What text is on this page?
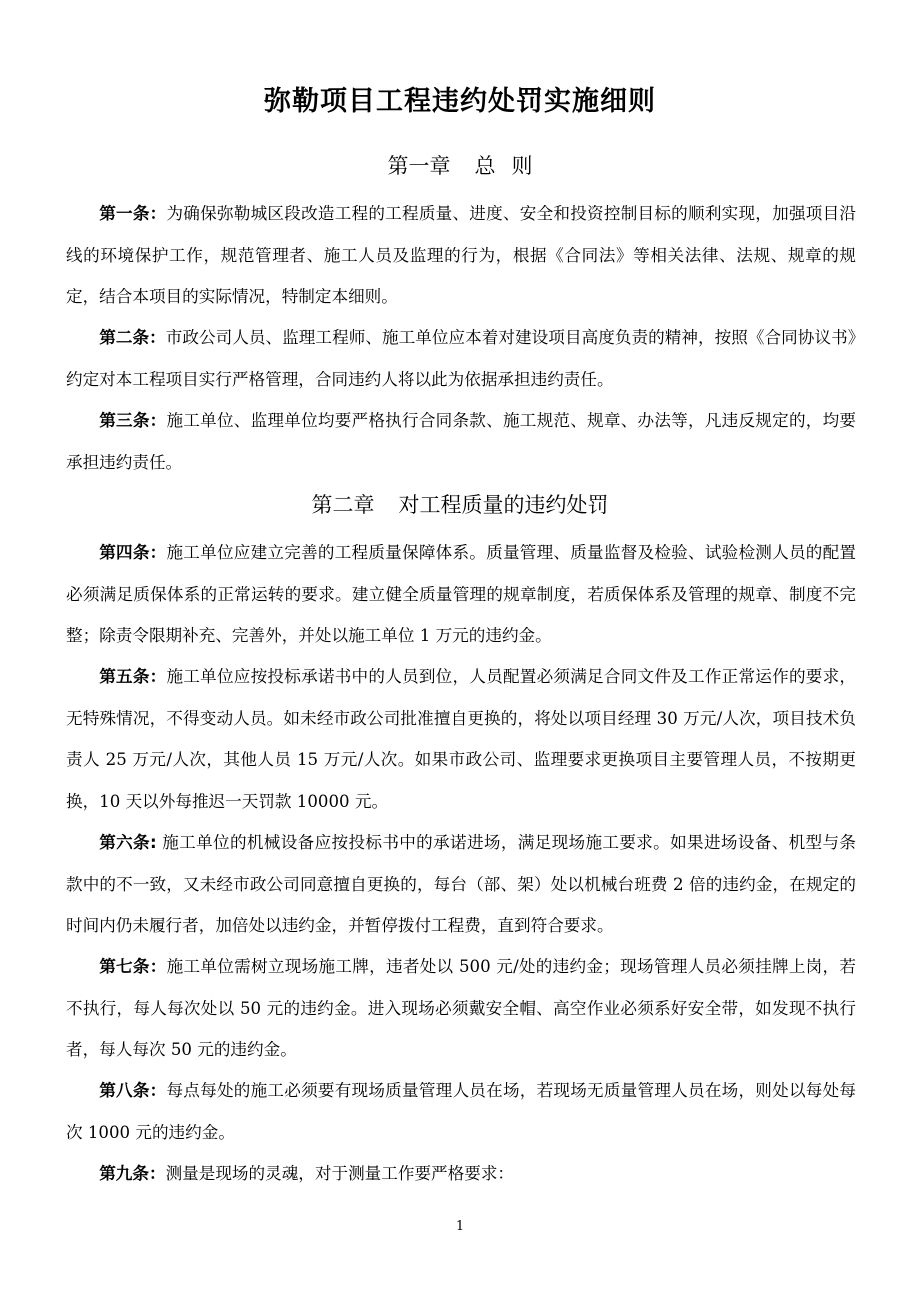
弥勒项目工程违约处罚实施细则
第一章 总 则

第一条：为确保弥勒城区段改造工程的工程质量、进度、安全和投资控制目标的顺利实现，加强项目沿线的环境保护工作，规范管理者、施工人员及监理的行为，根据《合同法》等相关法律、法规、规章的规定，结合本项目的实际情况，特制定本细则。

第二条：市政公司人员、监理工程师、施工单位应本着对建设项目高度负责的精神，按照《合同协议书》约定对本工程项目实行严格管理，合同违约人将以此为依据承担违约责任。

第三条：施工单位、监理单位均要严格执行合同条款、施工规范、规章、办法等，凡违反规定的，均要承担违约责任。

第二章 对工程质量的违约处罚

第四条：施工单位应建立完善的工程质量保障体系。质量管理、质量监督及检验、试验检测人员的配置必须满足质保体系的正常运转的要求。建立健全质量管理的规章制度，若质保体系及管理的规章、制度不完整；除责令限期补充、完善外，并处以施工单位 1 万元的违约金。

第五条：施工单位应按投标承诺书中的人员到位，人员配置必须满足合同文件及工作正常运作的要求，无特殊情况，不得变动人员。如未经市政公司批准擅自更换的，将处以项目经理 30 万元/人次，项目技术负责人 25 万元/人次，其他人员 15 万元/人次。如果市政公司、监理要求更换项目主要管理人员，不按期更换，10 天以外每推迟一天罚款 10000 元。

第六条: 施工单位的机械设备应按投标书中的承诺进场，满足现场施工要求。如果进场设备、机型与条款中的不一致，又未经市政公司同意擅自更换的，每台（部、架）处以机械台班费 2 倍的违约金，在规定的时间内仍未履行者，加倍处以违约金，并暂停拨付工程费，直到符合要求。

第七条：施工单位需树立现场施工牌，违者处以 500 元/处的违约金；现场管理人员必须挂牌上岗，若不执行，每人每次处以 50 元的违约金。进入现场必须戴安全帽、高空作业必须系好安全带，如发现不执行者，每人每次 50 元的违约金。

第八条：每点每处的施工必须要有现场质量管理人员在场，若现场无质量管理人员在场，则处以每处每次 1000 元的违约金。

第九条：测量是现场的灵魂，对于测量工作要严格要求：

1
